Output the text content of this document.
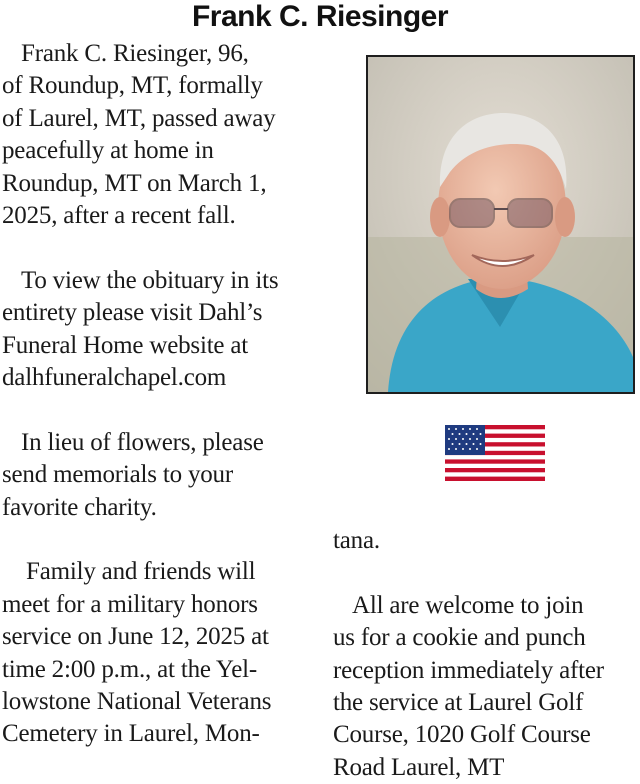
Frank C. Riesinger
Frank C. Riesinger, 96,
of Roundup, MT, formally
of Laurel, MT, passed away
peacefully at home in
Roundup, MT on March 1,
2025, after a recent fall.
To view the obituary in its
entirety please visit Dahl’s
Funeral Home website at
dalhfuneralchapel.com
In lieu of flowers, please
send memorials to your
favorite charity.
Family and friends will
meet for a military honors
service on June 12, 2025 at
time 2:00 p.m., at the Yel-
lowstone National Veterans
Cemetery in Laurel, Mon-
tana.
All are welcome to join
us for a cookie and punch
reception immediately after
the service at Laurel Golf
Course, 1020 Golf Course
Road Laurel, MT
